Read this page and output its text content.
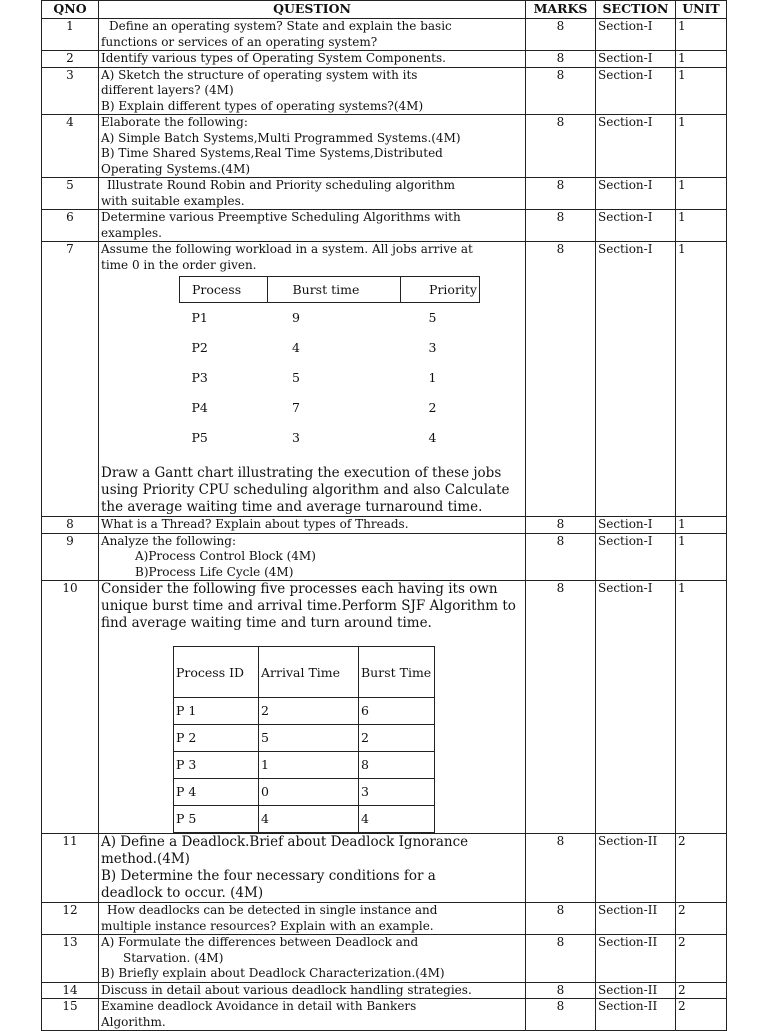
QNO	QUESTION	MARKS	SECTION	UNIT
1	Define an operating system? State and explain the basic
functions or services of an operating system?
	8	Section-I	1
2	Identify various types of Operating System Components.	8	Section-I	1
3	A) Sketch the structure of operating system with its
different layers? (4M)
B) Explain different types of operating systems?(4M)
	8	Section-I	1
4	Elaborate the following:
A) Simple Batch Systems,Multi Programmed Systems.(4M)
B) Time Shared Systems,Real Time Systems,Distributed
Operating Systems.(4M)
	8	Section-I	1
5	Illustrate Round Robin and Priority scheduling algorithm
with suitable examples.
	8	Section-I	1
6	Determine various Preemptive Scheduling Algorithms with
examples.
	8	Section-I	1
7	Assume the following workload in a system. All jobs arrive at
time 0 in the order given.
Process	Burst time	Priority
P1	9	5
P2	4	3
P3	5	1
P4	7	2
P5	3	4
Draw a Gantt chart illustrating the execution of these jobs
using Priority CPU scheduling algorithm and also Calculate
the average waiting time and average turnaround time.
	8	Section-I	1
8	What is a Thread? Explain about types of Threads.	8	Section-I	1
9	Analyze the following:
A)Process Control Block (4M)
B)Process Life Cycle (4M)
	8	Section-I	1
10	Consider the following five processes each having its own
unique burst time and arrival time.Perform SJF Algorithm to
find average waiting time and turn around time.
Process ID	Arrival Time	Burst Time
P 1	2	6
P 2	5	2
P 3	1	8
P 4	0	3
P 5	4	4
	8	Section-I	1
11	A) Define a Deadlock.Brief about Deadlock Ignorance
method.(4M)
B) Determine the four necessary conditions for a
deadlock to occur. (4M)
	8	Section-II	2
12	How deadlocks can be detected in single instance and
multiple instance resources? Explain with an example.
	8	Section-II	2
13	A) Formulate the differences between Deadlock and
Starvation. (4M)
B) Briefly explain about Deadlock Characterization.(4M)
	8	Section-II	2
14	Discuss in detail about various deadlock handling strategies.	8	Section-II	2
15	Examine deadlock Avoidance in detail with Bankers
Algorithm.
	8	Section-II	2
